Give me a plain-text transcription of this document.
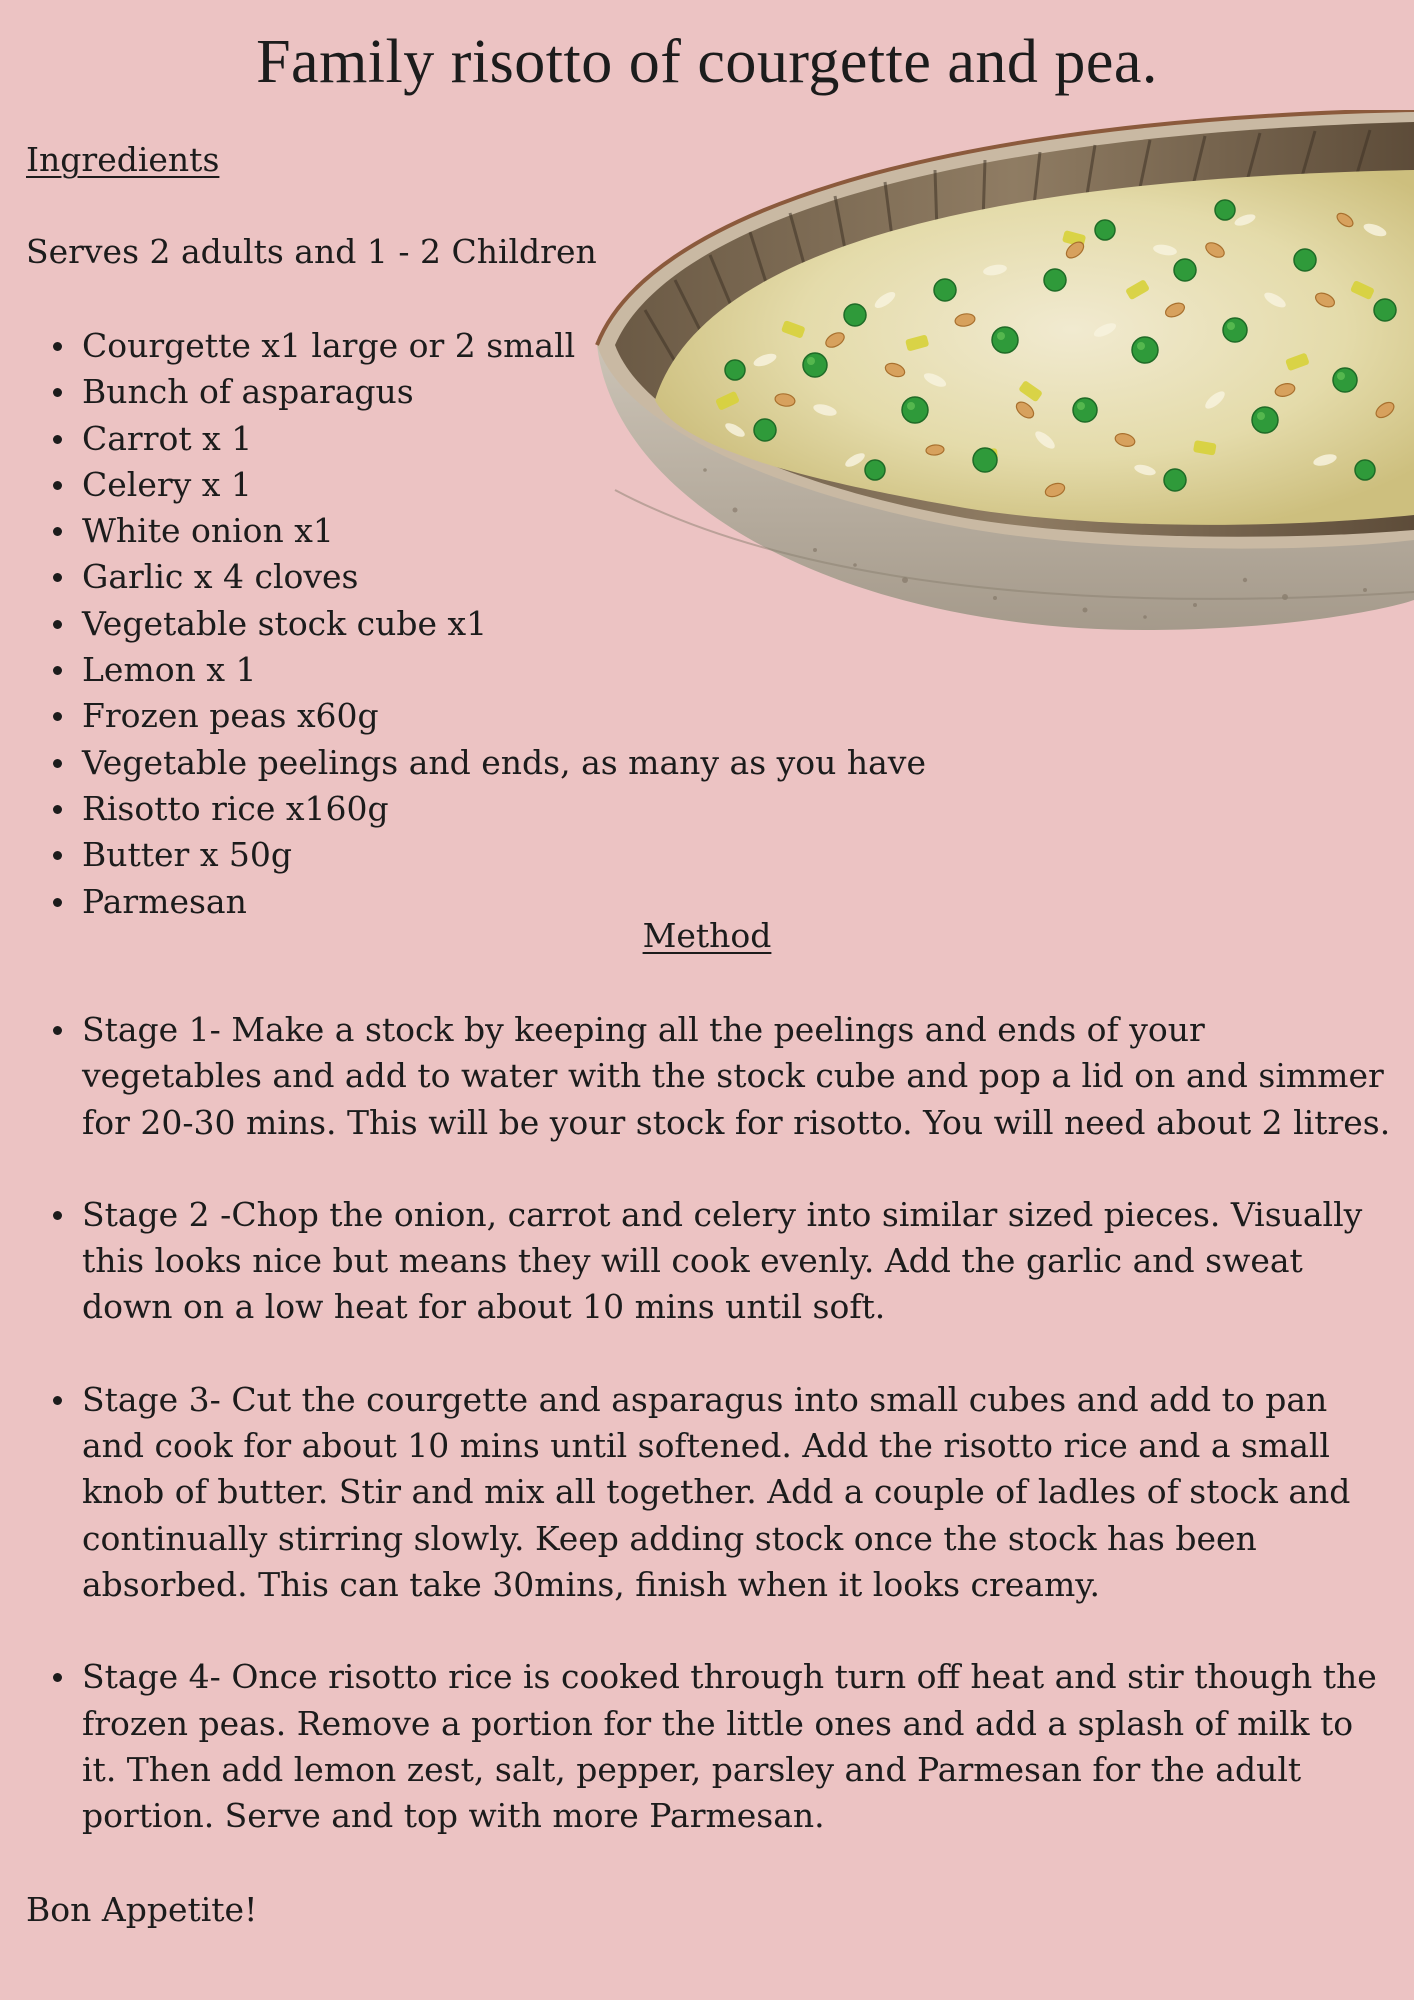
Family risotto of courgette and pea.
Ingredients

Serves 2 adults and 1 - 2 Children

Courgette x1 large or 2 small
Bunch of asparagus
Carrot x 1
Celery x 1
White onion x1
Garlic x 4 cloves
Vegetable stock cube x1
Lemon x 1
Frozen peas x60g
Vegetable peelings and ends, as many as you have
Risotto rice x160g
Butter x 50g
Parmesan
Method
Stage 1- Make a stock by keeping all the peelings and ends of your vegetables and add to water with the stock cube and pop a lid on and simmer for 20-30 mins. This will be your stock for risotto. You will need about 2 litres.
Stage 2 -Chop the onion, carrot and celery into similar sized pieces. Visually this looks nice but means they will cook evenly. Add the garlic and sweat down on a low heat for about 10 mins until soft.
Stage 3- Cut the courgette and asparagus into small cubes and add to pan and cook for about 10 mins until softened. Add the risotto rice and a small knob of butter. Stir and mix all together. Add a couple of ladles of stock and continually stirring slowly. Keep adding stock once the stock has been absorbed. This can take 30mins, finish when it looks creamy.
Stage 4- Once risotto rice is cooked through turn off heat and stir though the frozen peas. Remove a portion for the little ones and add a splash of milk to it. Then add lemon zest, salt, pepper, parsley and Parmesan for the adult portion. Serve and top with more Parmesan.

Bon Appetite!
